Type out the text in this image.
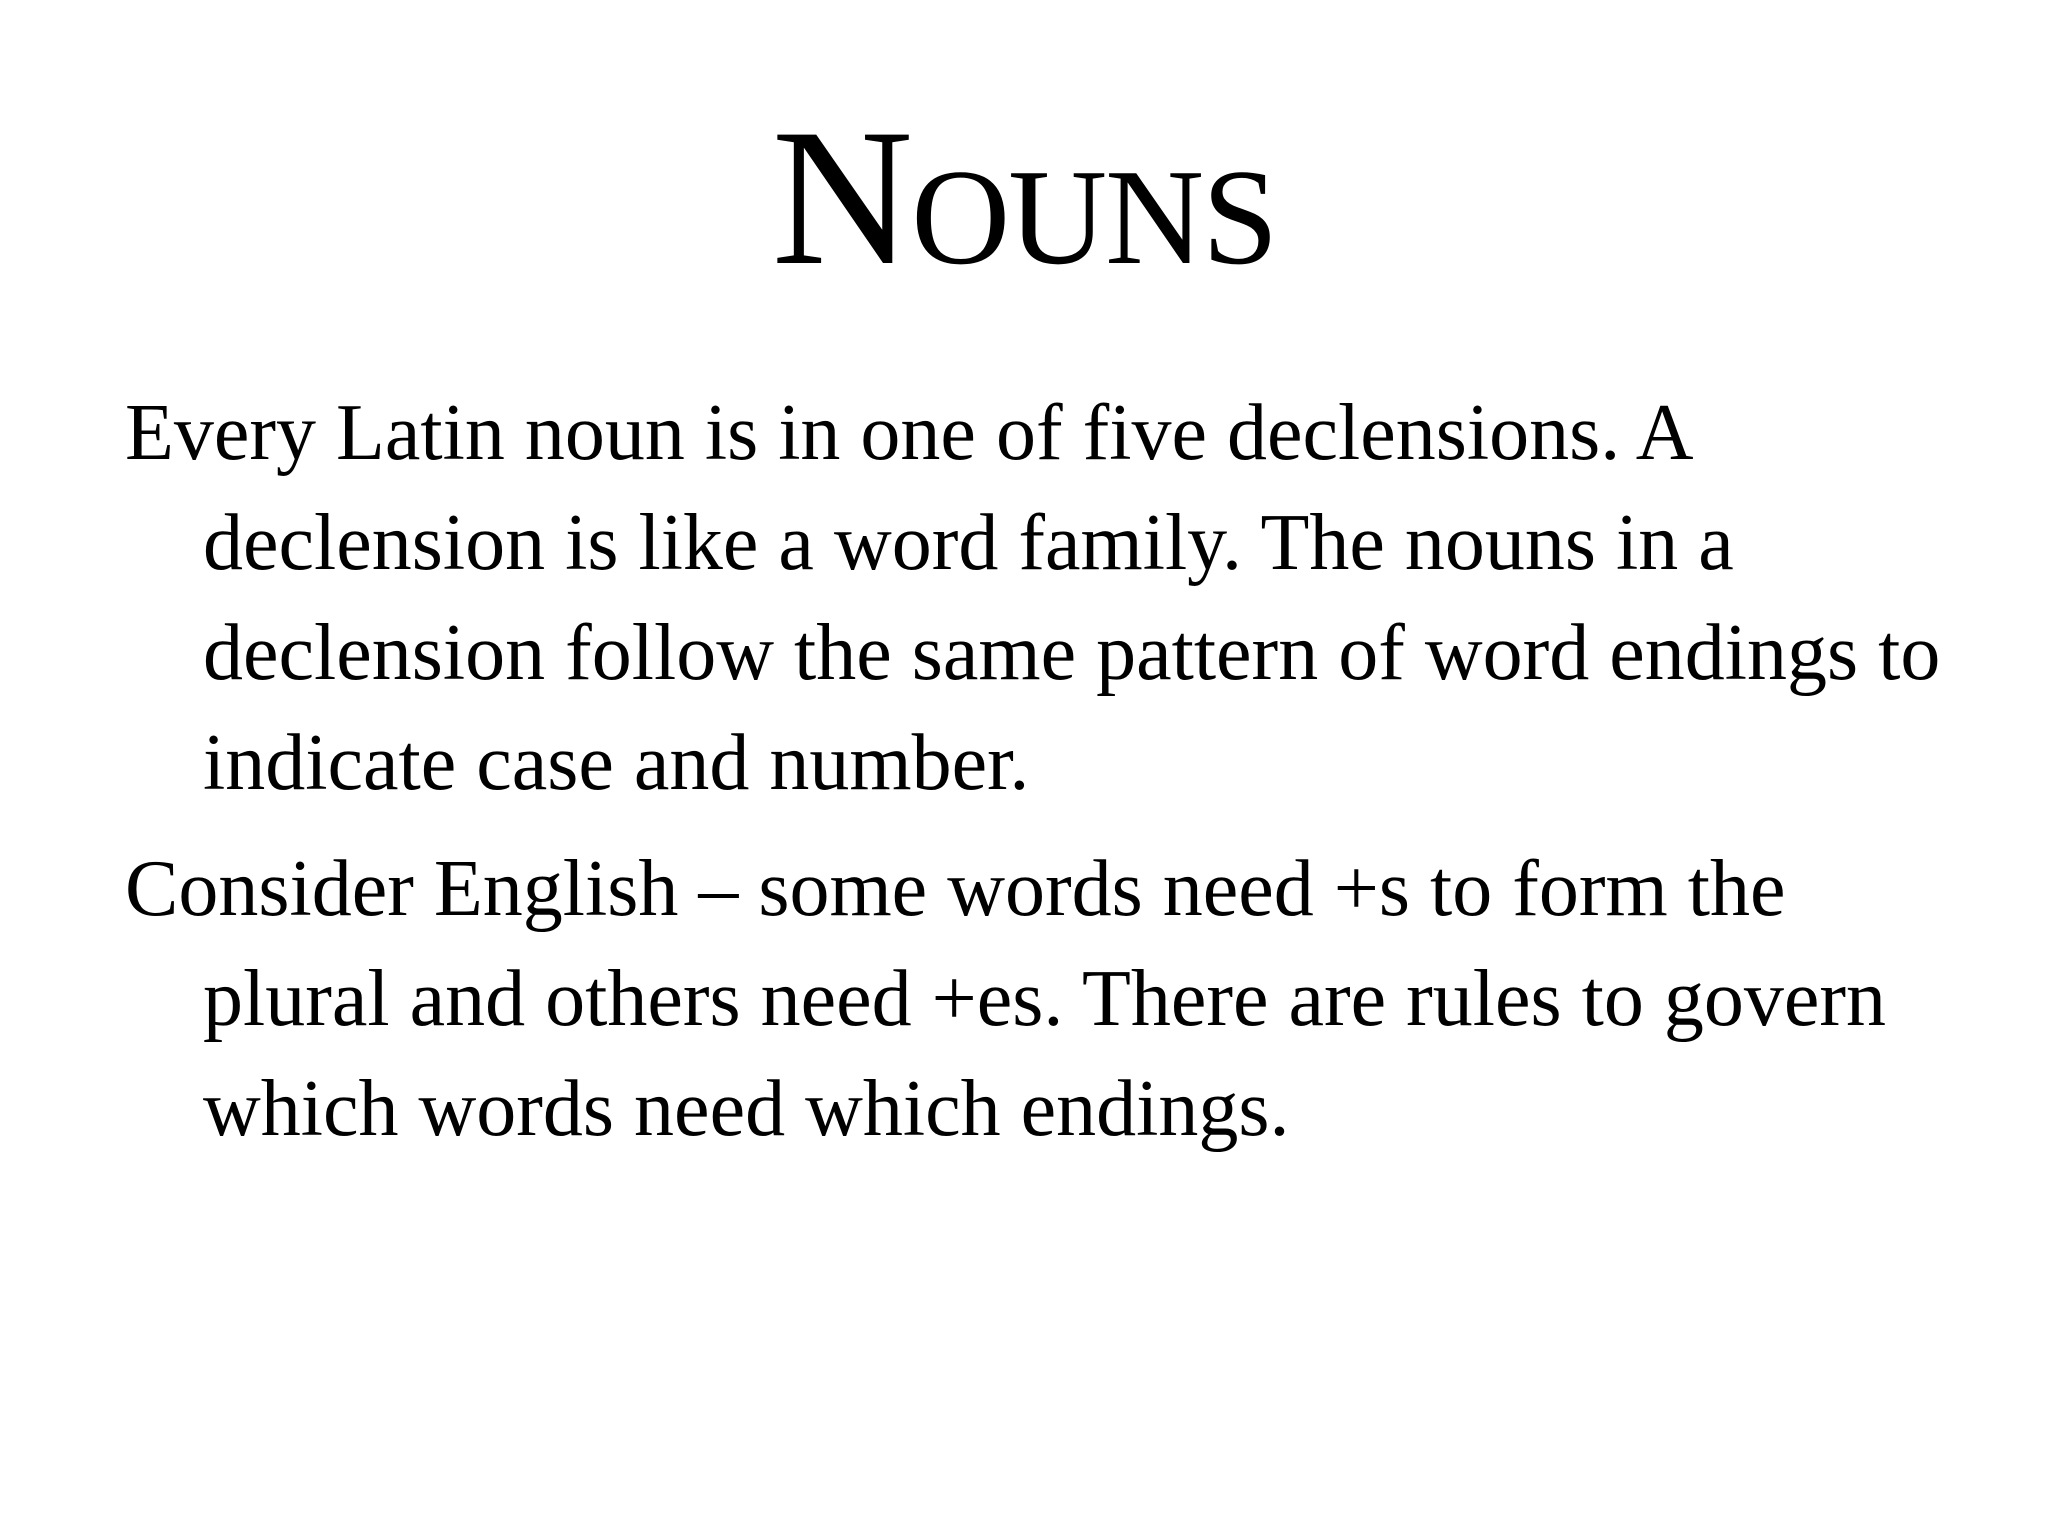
Nouns

Every Latin noun is in one of five declensions. A declension is like a word family. The nouns in a declension follow the same pattern of word endings to indicate case and number.

Consider English – some words need +s to form the plural and others need +es. There are rules to govern which words need which endings.
